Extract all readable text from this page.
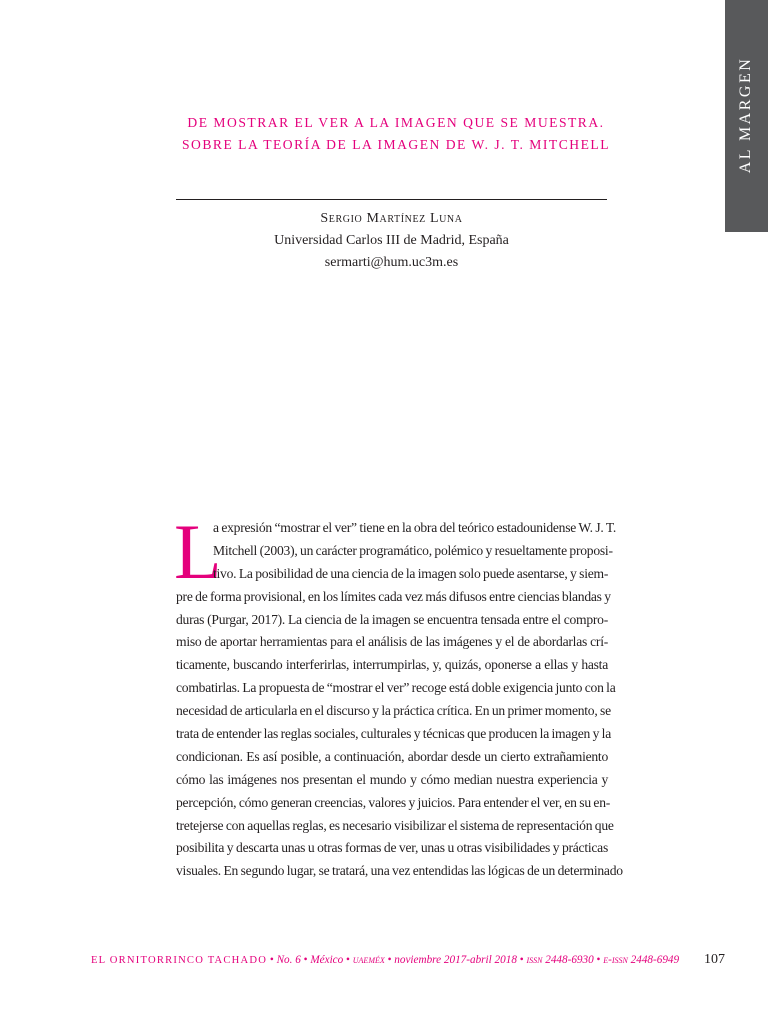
AL MARGEN
DE MOSTRAR EL VER A LA IMAGEN QUE SE MUESTRA.
SOBRE LA TEORÍA DE LA IMAGEN DE W. J. T. MITCHELL
Sergio Martínez Luna
Universidad Carlos III de Madrid, España
sermarti@hum.uc3m.es
L
a expresión “mostrar el ver” tiene en la obra del teórico estadounidense W. J. T.
Mitchell (2003), un carácter programático, polémico y resueltamente proposi-
tivo. La posibilidad de una ciencia de la imagen solo puede asentarse, y siem-
pre de forma provisional, en los límites cada vez más difusos entre ciencias blandas y
duras (Purgar, 2017). La ciencia de la imagen se encuentra tensada entre el compro-
miso de aportar herramientas para el análisis de las imágenes y el de abordarlas crí-
ticamente, buscando interferirlas, interrumpirlas, y, quizás, oponerse a ellas y hasta
combatirlas. La propuesta de “mostrar el ver” recoge está doble exigencia junto con la
necesidad de articularla en el discurso y la práctica crítica. En un primer momento, se
trata de entender las reglas sociales, culturales y técnicas que producen la imagen y la
condicionan. Es así posible, a continuación, abordar desde un cierto extrañamiento
cómo las imágenes nos presentan el mundo y cómo median nuestra experiencia y
percepción, cómo generan creencias, valores y juicios. Para entender el ver, en su en-
tretejerse con aquellas reglas, es necesario visibilizar el sistema de representación que
posibilita y descarta unas u otras formas de ver, unas u otras visibilidades y prácticas
visuales. En segundo lugar, se tratará, una vez entendidas las lógicas de un determinado
EL ORNITORRINCO TACHADO • No. 6 • México • uaeméx • noviembre 2017-abril 2018 • issn 2448-6930 • e-issn 2448-6949	107
